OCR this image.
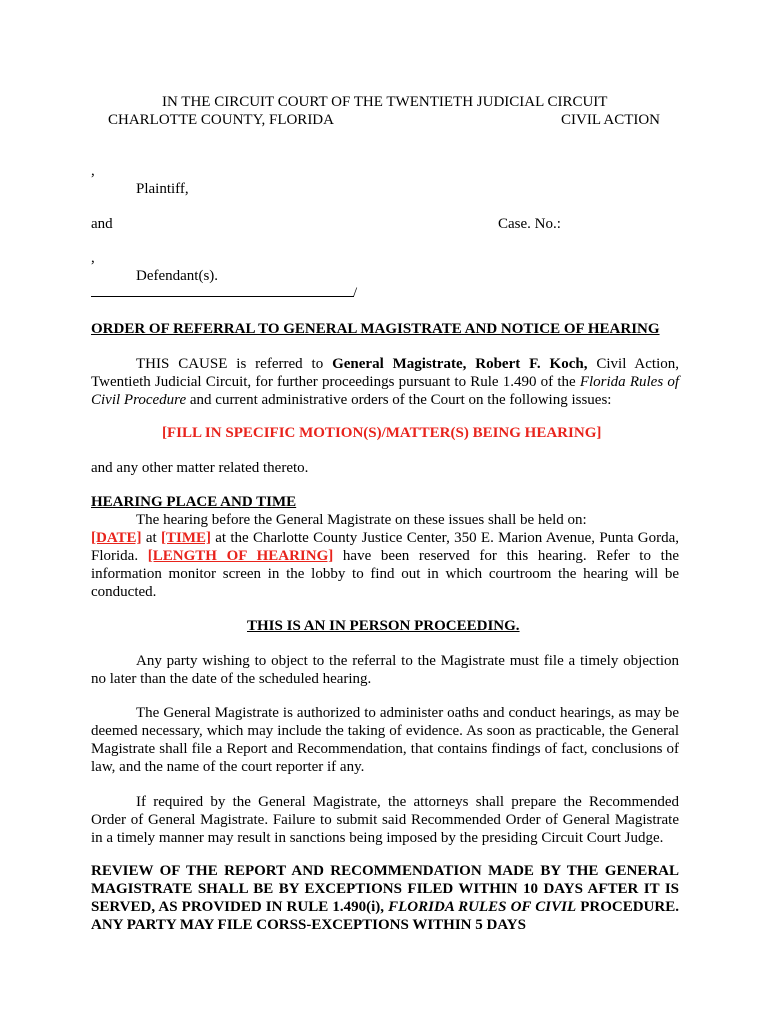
IN THE CIRCUIT COURT OF THE TWENTIETH JUDICIAL CIRCUIT
CHARLOTTE COUNTY, FLORIDA	CIVIL ACTION
,
Plaintiff,
and	Case. No.:
,
Defendant(s).
/
ORDER OF REFERRAL TO GENERAL MAGISTRATE AND NOTICE OF HEARING
THIS CAUSE is referred to General Magistrate, Robert F. Koch, Civil Action, Twentieth Judicial Circuit, for further proceedings pursuant to Rule 1.490 of the Florida Rules of Civil Procedure and current administrative orders of the Court on the following issues:
[FILL IN SPECIFIC MOTION(S)/MATTER(S) BEING HEARING]
and any other matter related thereto.
HEARING PLACE AND TIME
The hearing before the General Magistrate on these issues shall be held on:
[DATE] at [TIME] at the Charlotte County Justice Center, 350 E. Marion Avenue, Punta Gorda, Florida. [LENGTH OF HEARING] have been reserved for this hearing. Refer to the information monitor screen in the lobby to find out in which courtroom the hearing will be conducted.
THIS IS AN IN PERSON PROCEEDING.
Any party wishing to object to the referral to the Magistrate must file a timely objection no later than the date of the scheduled hearing.
The General Magistrate is authorized to administer oaths and conduct hearings, as may be deemed necessary, which may include the taking of evidence. As soon as practicable, the General Magistrate shall file a Report and Recommendation, that contains findings of fact, conclusions of law, and the name of the court reporter if any.
If required by the General Magistrate, the attorneys shall prepare the Recommended Order of General Magistrate. Failure to submit said Recommended Order of General Magistrate in a timely manner may result in sanctions being imposed by the presiding Circuit Court Judge.
REVIEW OF THE REPORT AND RECOMMENDATION MADE BY THE GENERAL MAGISTRATE SHALL BE BY EXCEPTIONS FILED WITHIN 10 DAYS AFTER IT IS SERVED, AS PROVIDED IN RULE 1.490(i), FLORIDA RULES OF CIVIL PROCEDURE. ANY PARTY MAY FILE CORSS-EXCEPTIONS WITHIN 5 DAYS
